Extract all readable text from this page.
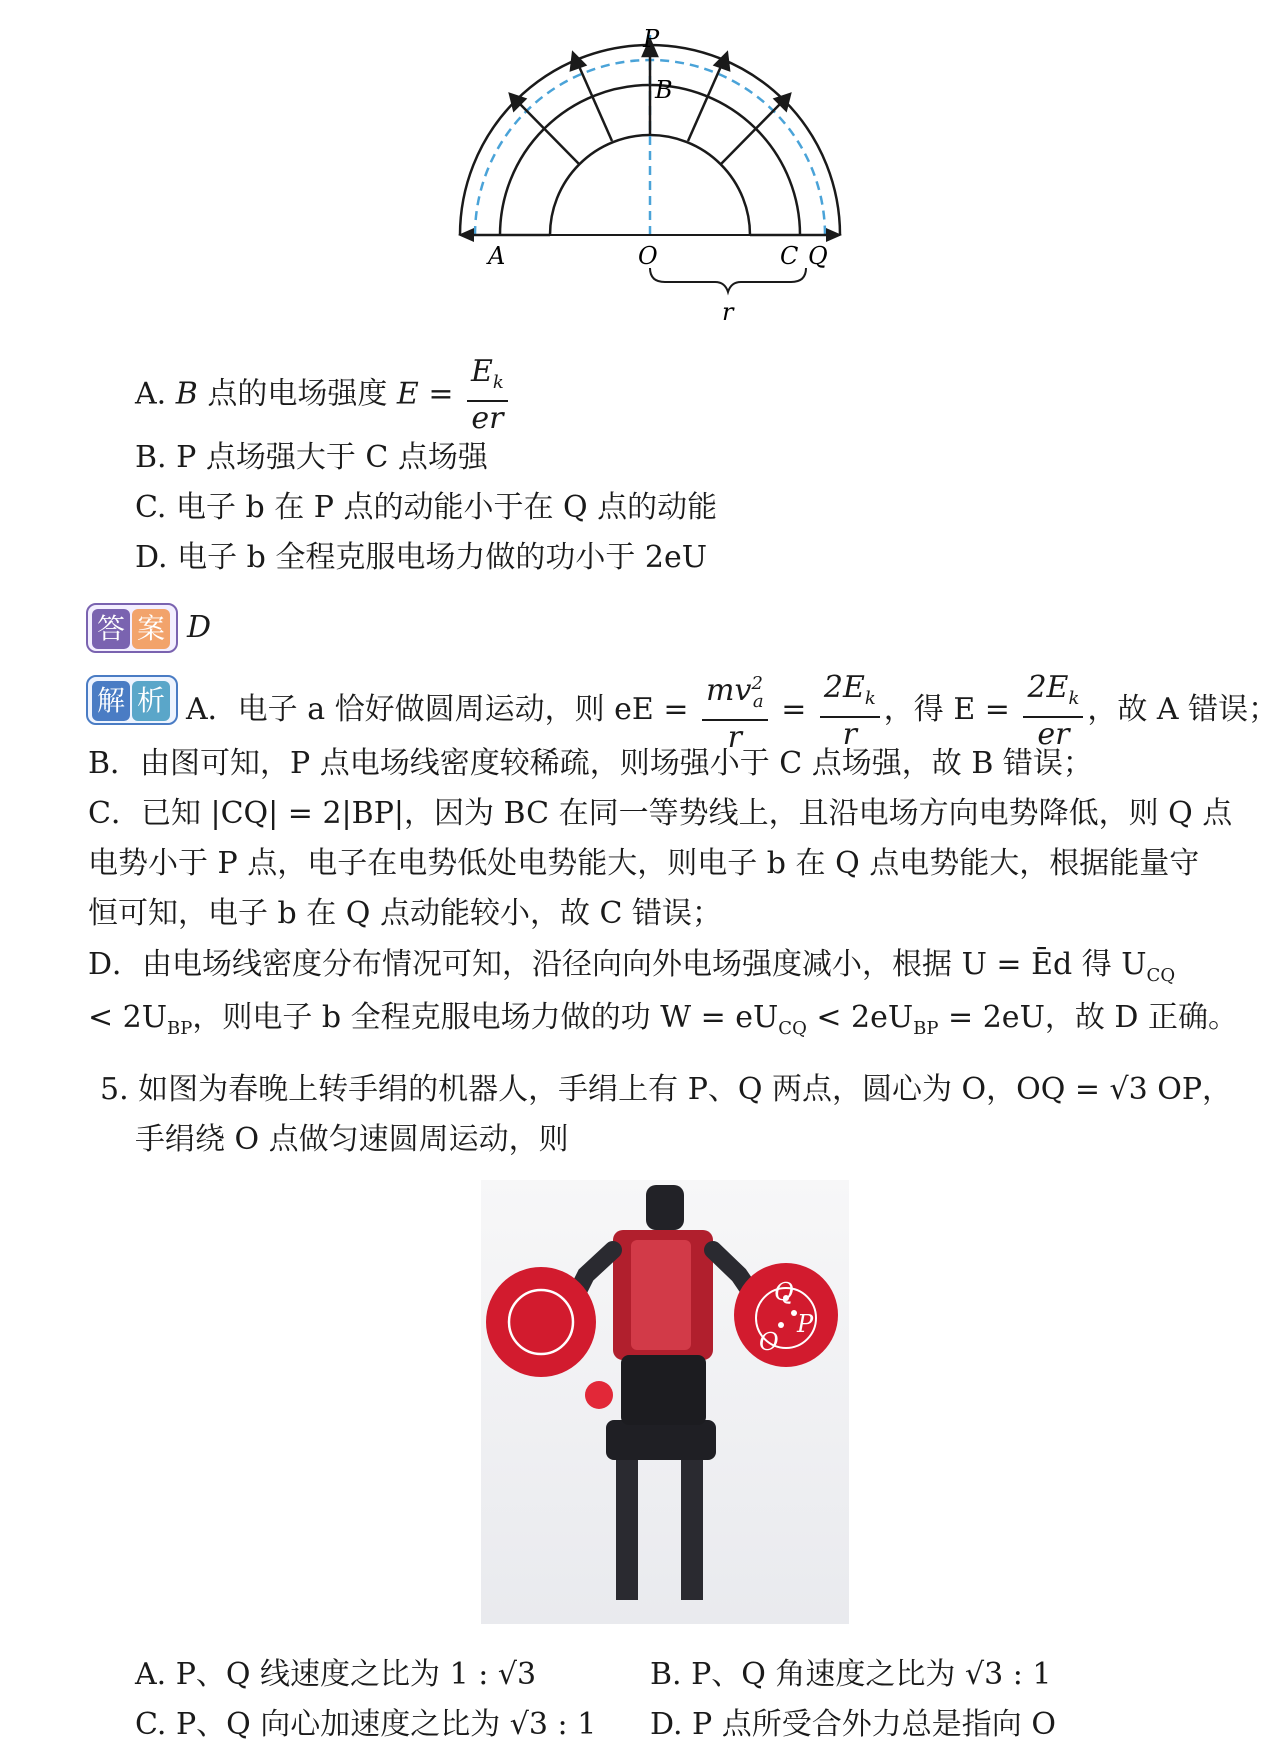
P
B
A	O	C Q
r
A. B 点的电场强度 $E = \frac{E_k}{er}$
B. P 点场强大于 C 点场强
C. 电子 b 在 P 点的动能小于在 Q 点的动能
D. 电子 b 全程克服电场力做的功小于 2eU
答 案 D
解 析 A．电子 a 恰好做圆周运动，则 eE = $\frac{mv^2_a}{r} = \frac{2E_k}{r}$ ，得 $E = \frac{2E_k}{er}$ ，故 A 错误；
B．由图可知，P 点电场线密度较稀疏，则场强小于 C 点场强，故 B 错误；
C．已知 |CQ| = 2|BP|，因为 BC 在同一等势线上，且沿电场方向电势降低，则 Q 点
电势小于 P 点，电子在电势低处电势能大，则电子 b 在 Q 点电势能大，根据能量守
恒可知，电子 b 在 Q 点动能较小，故 C 错误；
D．由电场线密度分布情况可知，沿径向向外电场强度减小，根据 U = Ēd 得 $U_{CQ}$
< $2U_{BP}$，则电子 b 全程克服电场力做的功 $W = eU_{CQ} < 2eU_{BP} = 2eU$，故 D 正确。
5. 如图为春晚上转手绢的机器人，手绢上有 P、Q 两点，圆心为 O，OQ = √3 OP，
手绢绕 O 点做匀速圆周运动，则
Q
P
O
A. P、Q 线速度之比为 1 : √3	B. P、Q 角速度之比为 √3 : 1
C. P、Q 向心加速度之比为 √3 : 1 D. P 点所受合外力总是指向 O
